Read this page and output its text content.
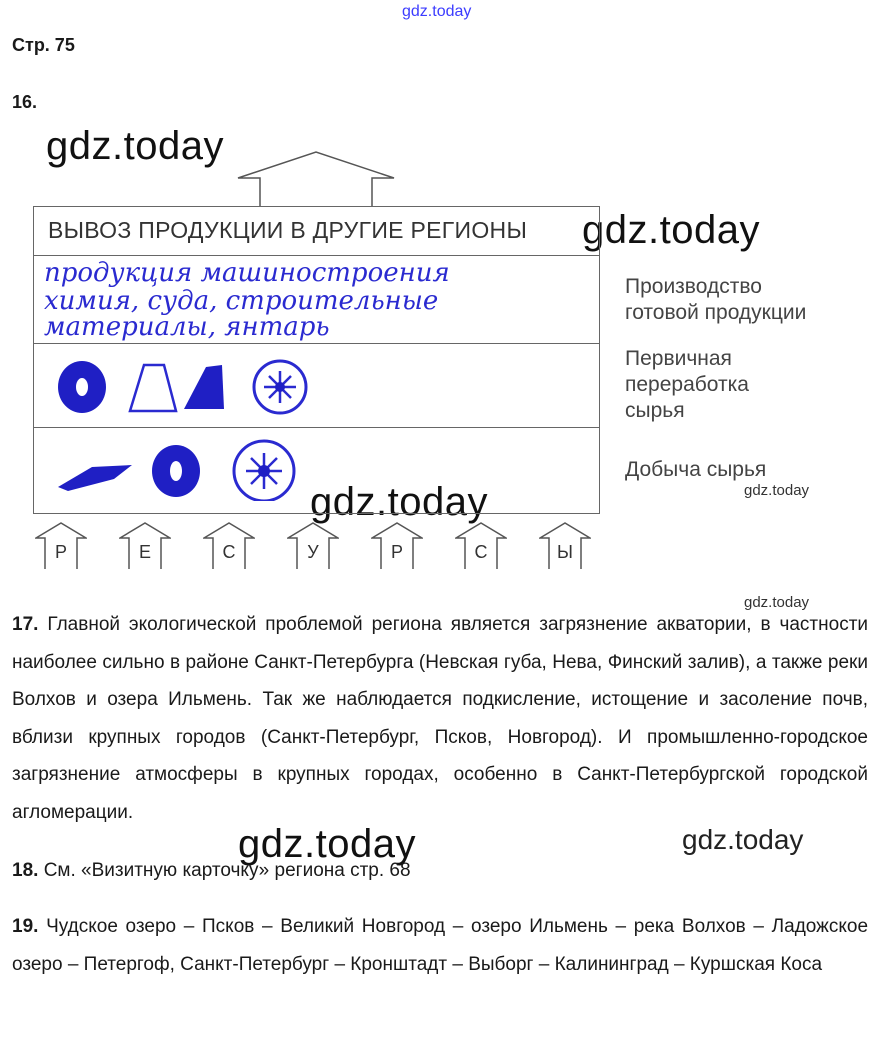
gdz.today
gdz.today
gdz.today
gdz.today	gdz.today
gdz.today
gdz.today	gdz.today
Стр. 75
16.
ВЫВОЗ ПРОДУКЦИИ В ДРУГИЕ РЕГИОНЫ
продукция машиностроения
химия, суда, строительные
материалы, янтарь
Производство
готовой продукции
Первичная
переработка
сырья
Добыча сырья
Р	Е	С	У	Р	С	Ы
17. Главной экологической проблемой региона является загрязнение акватории, в частности наиболее сильно в районе Санкт-Петербурга (Невская губа, Нева, Финский залив), а также реки Волхов и озера Ильмень. Так же наблюдается подкисление, истощение и засоление почв, вблизи крупных городов (Санкт-Петербург, Псков, Новгород). И промышленно-городское загрязнение атмосферы в крупных городах, особенно в Санкт-Петербургской городской агломерации.
18. См. «Визитную карточку» региона стр. 68
19. Чудское озеро – Псков – Великий Новгород – озеро Ильмень – река Волхов – Ладожское озеро – Петергоф, Санкт-Петербург – Кронштадт – Выборг – Калининград – Куршская Коса
